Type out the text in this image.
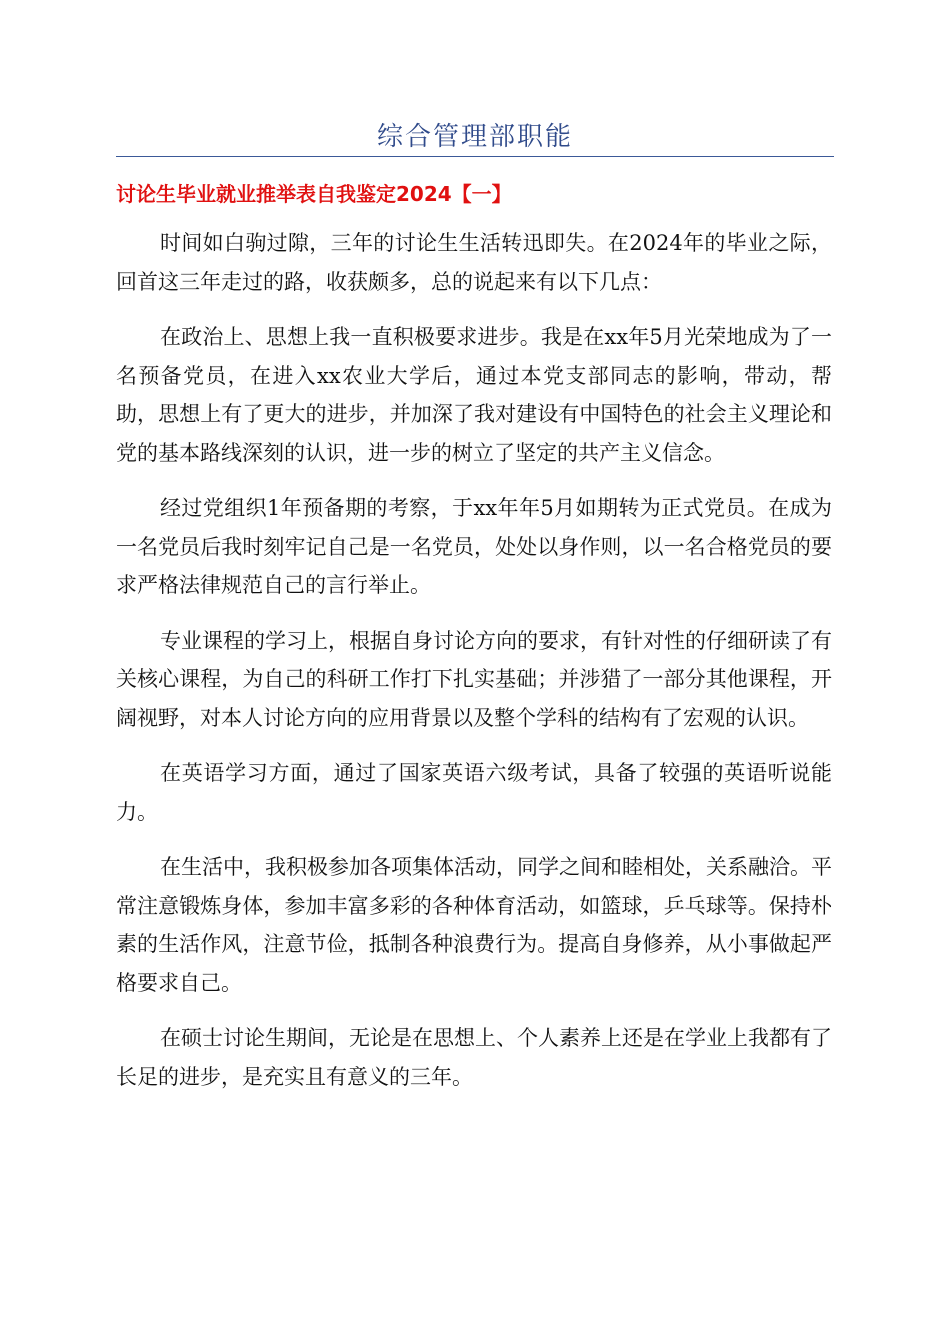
综合管理部职能
讨论生毕业就业推举表自我鉴定2024【一】

时间如白驹过隙，三年的讨论生生活转迅即失。在2024年的毕业之际，回首这三年走过的路，收获颇多，总的说起来有以下几点：

在政治上、思想上我一直积极要求进步。我是在xx年5月光荣地成为了一名预备党员，在进入xx农业大学后，通过本党支部同志的影响，带动，帮助，思想上有了更大的进步，并加深了我对建设有中国特色的社会主义理论和党的基本路线深刻的认识，进一步的树立了坚定的共产主义信念。

经过党组织1年预备期的考察，于xx年年5月如期转为正式党员。在成为一名党员后我时刻牢记自己是一名党员，处处以身作则，以一名合格党员的要求严格法律规范自己的言行举止。

专业课程的学习上，根据自身讨论方向的要求，有针对性的仔细研读了有关核心课程，为自己的科研工作打下扎实基础；并涉猎了一部分其他课程，开阔视野，对本人讨论方向的应用背景以及整个学科的结构有了宏观的认识。

在英语学习方面，通过了国家英语六级考试，具备了较强的英语听说能力。

在生活中，我积极参加各项集体活动，同学之间和睦相处，关系融洽。平常注意锻炼身体，参加丰富多彩的各种体育活动，如篮球，乒乓球等。保持朴素的生活作风，注意节俭，抵制各种浪费行为。提高自身修养，从小事做起严格要求自己。

在硕士讨论生期间，无论是在思想上、个人素养上还是在学业上我都有了长足的进步，是充实且有意义的三年。
